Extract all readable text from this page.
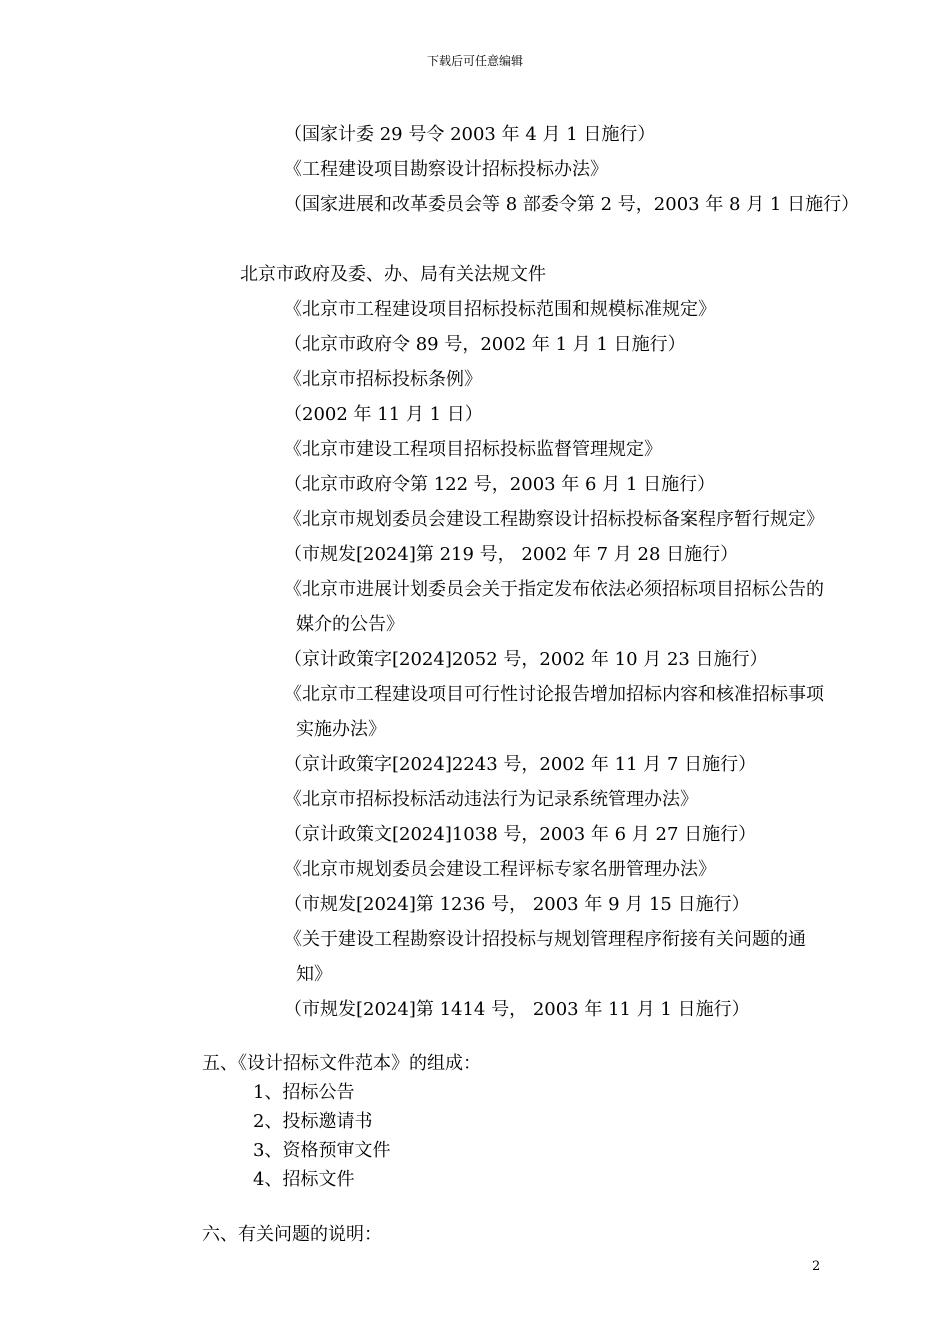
下载后可任意编辑
（国家计委 29 号令 2003 年 4 月 1 日施行）
《工程建设项目勘察设计招标投标办法》
（国家进展和改革委员会等 8 部委令第 2 号，2003 年 8 月 1 日施行）
北京市政府及委、办、局有关法规文件
《北京市工程建设项目招标投标范围和规模标准规定》
（北京市政府令 89 号，2002 年 1 月 1 日施行）
《北京市招标投标条例》
（2002 年 11 月 1 日）
《北京市建设工程项目招标投标监督管理规定》
（北京市政府令第 122 号，2003 年 6 月 1 日施行）
《北京市规划委员会建设工程勘察设计招标投标备案程序暂行规定》
（市规发[2024]第 219 号， 2002 年 7 月 28 日施行）
《北京市进展计划委员会关于指定发布依法必须招标项目招标公告的
媒介的公告》
（京计政策字[2024]2052 号，2002 年 10 月 23 日施行）
《北京市工程建设项目可行性讨论报告增加招标内容和核准招标事项
实施办法》
（京计政策字[2024]2243 号，2002 年 11 月 7 日施行）
《北京市招标投标活动违法行为记录系统管理办法》
（京计政策文[2024]1038 号，2003 年 6 月 27 日施行）
《北京市规划委员会建设工程评标专家名册管理办法》
（市规发[2024]第 1236 号， 2003 年 9 月 15 日施行）
《关于建设工程勘察设计招投标与规划管理程序衔接有关问题的通
知》
（市规发[2024]第 1414 号， 2003 年 11 月 1 日施行）
五、《设计招标文件范本》的组成：
1、招标公告
2、投标邀请书
3、资格预审文件
4、招标文件
六、有关问题的说明：
2
